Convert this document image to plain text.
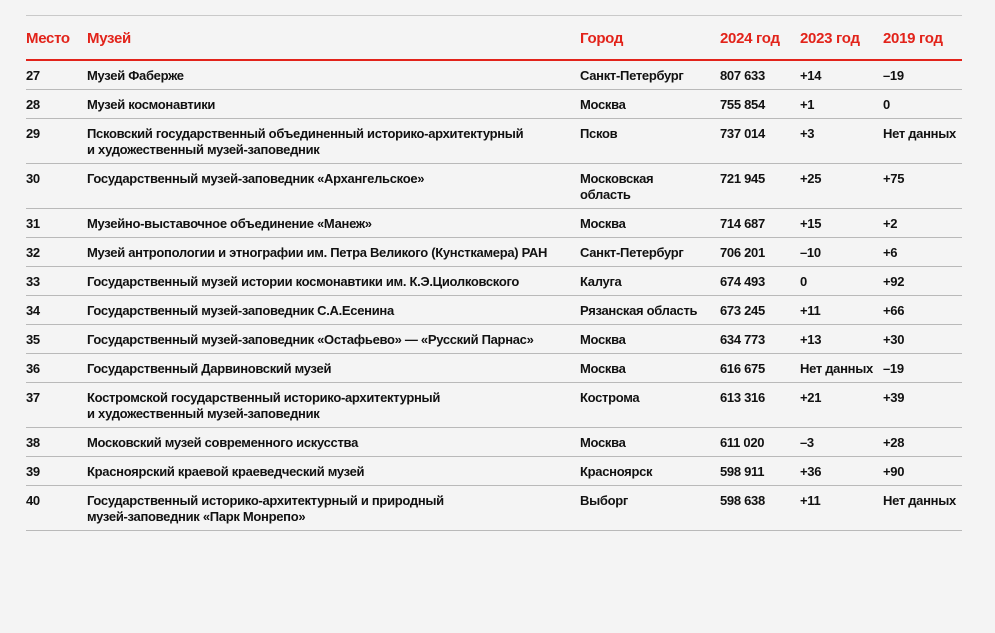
Место	Музей	Город	2024 год	2023 год	2019 год
27	Музей Фаберже	Санкт-Петербург	807 633	+14	–19
28	Музей космонавтики	Москва	755 854	+1	0
29	Псковский государственный объединенный историко-архитектурный
и художественный музей-заповедник	Псков	737 014	+3	Нет данных
30	Государственный музей-заповедник «Архангельское»	Московская
область	721 945	+25	+75
31	Музейно-выставочное объединение «Манеж»	Москва	714 687	+15	+2
32	Музей антропологии и этнографии им. Петра Великого (Кунсткамера) РАН	Санкт-Петербург	706 201	–10	+6
33	Государственный музей истории космонавтики им. К.Э.Циолковского	Калуга	674 493	0	+92
34	Государственный музей-заповедник С.А.Есенина	Рязанская область	673 245	+11	+66
35	Государственный музей-заповедник «Остафьево» — «Русский Парнас»	Москва	634 773	+13	+30
36	Государственный Дарвиновский музей	Москва	616 675	Нет данных	–19
37	Костромской государственный историко-архитектурный
и художественный музей-заповедник	Кострома	613 316	+21	+39
38	Московский музей современного искусства	Москва	611 020	–3	+28
39	Красноярский краевой краеведческий музей	Красноярск	598 911	+36	+90
40	Государственный историко-архитектурный и природный
музей-заповедник «Парк Монрепо»	Выборг	598 638	+11	Нет данных
